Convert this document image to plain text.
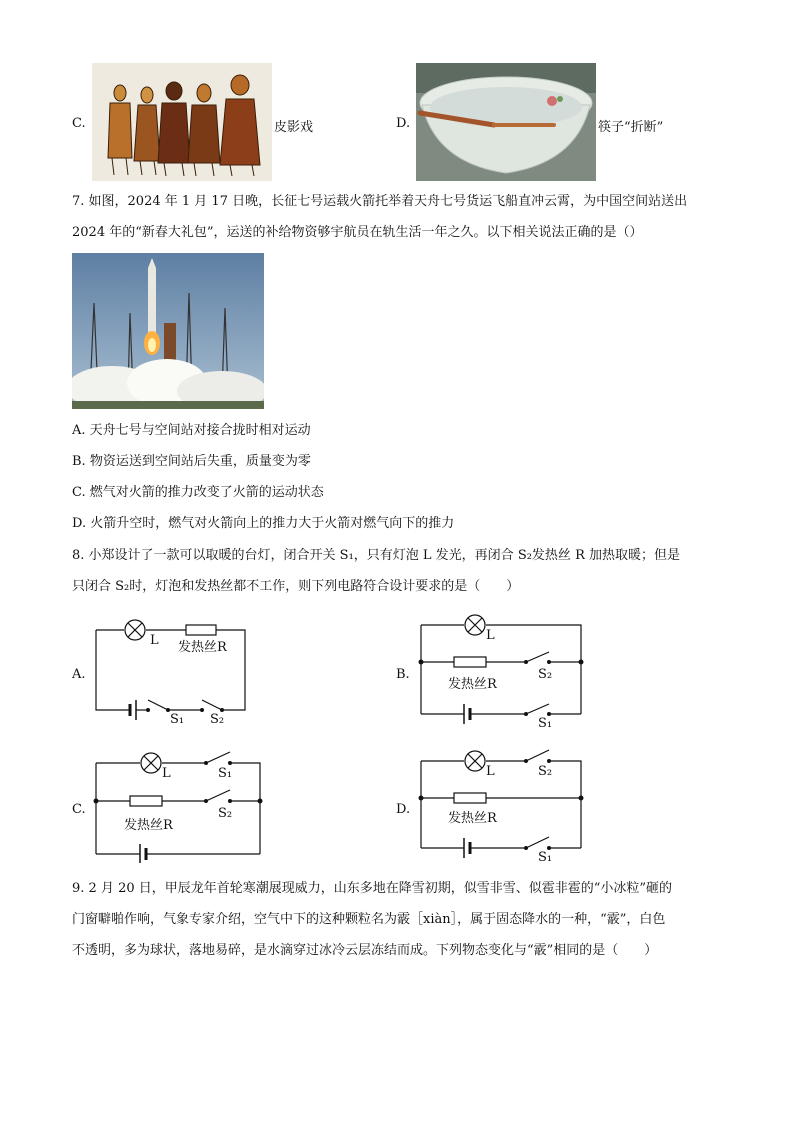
C.	皮影戏	D.	筷子“折断”
7. 如图，2024 年 1 月 17 日晚，长征七号运载火箭托举着天舟七号货运飞船直冲云霄，为中国空间站送出
2024 年的“新春大礼包”，运送的补给物资够宇航员在轨生活一年之久。以下相关说法正确的是（）
A. 天舟七号与空间站对接合拢时相对运动
B. 物资运送到空间站后失重，质量变为零
C. 燃气对火箭的推力改变了火箭的运动状态
D. 火箭升空时，燃气对火箭向上的推力大于火箭对燃气向下的推力
8. 小郑设计了一款可以取暖的台灯，闭合开关 S₁，只有灯泡 L 发光，再闭合 S₂发热丝 R 加热取暖；但是
只闭合 S₂时，灯泡和发热丝都不工作，则下列电路符合设计要求的是（　　）
A.
L 发热丝R
S₁ S₂
B.
L
发热丝R
S₂
S₁
C.
L	S₁
发热丝R
S₂	D.
L	S₂
发热丝R
S₁
9. 2 月 20 日，甲辰龙年首轮寒潮展现威力，山东多地在降雪初期，似雪非雪、似雹非雹的“小冰粒”砸的
门窗噼啪作响，气象专家介绍，空气中下的这种颗粒名为霰［xiàn］，属于固态降水的一种，“霰”，白色
不透明，多为球状，落地易碎，是水滴穿过冰冷云层冻结而成。下列物态变化与“霰”相同的是（　　）
